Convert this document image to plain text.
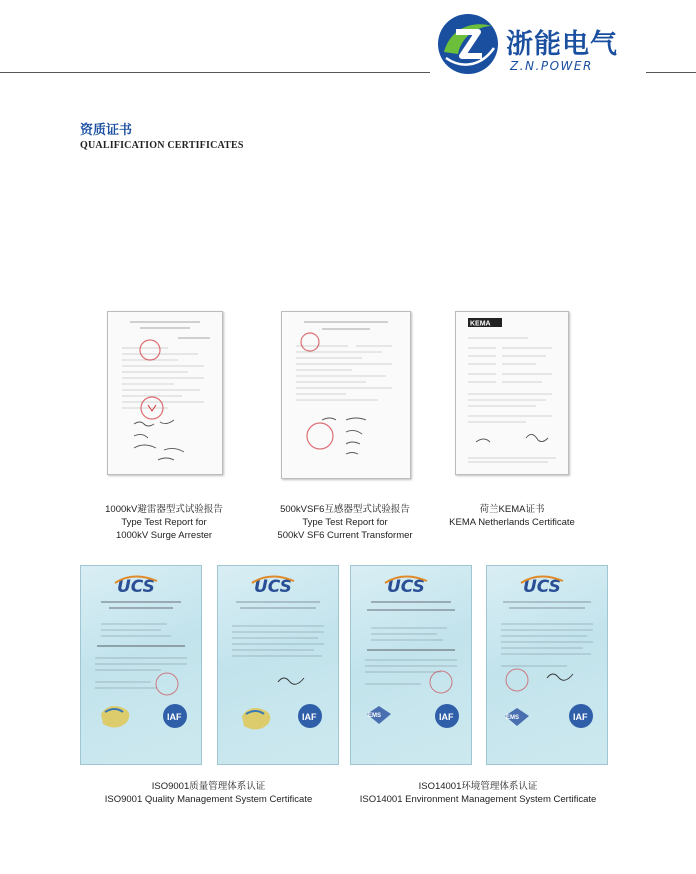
浙能电气
Z.N.POWER
资质证书
QUALIFICATION CERTIFICATES
1000kV避雷器型式试验报告
Type Test Report for
1000kV Surge Arrester
500kVSF6互感器型式试验报告
Type Test Report for
500kV SF6 Current Transformer
KEMA
荷兰KEMA证书
KEMA Netherlands Certificate
UCS
IAF
UCS
IAF
ISO9001质量管理体系认证
ISO9001 Quality Management System Certificate
UCS
EMS	IAF
UCS
EMS	IAF
ISO14001环境管理体系认证
ISO14001 Environment Management System Certificate
